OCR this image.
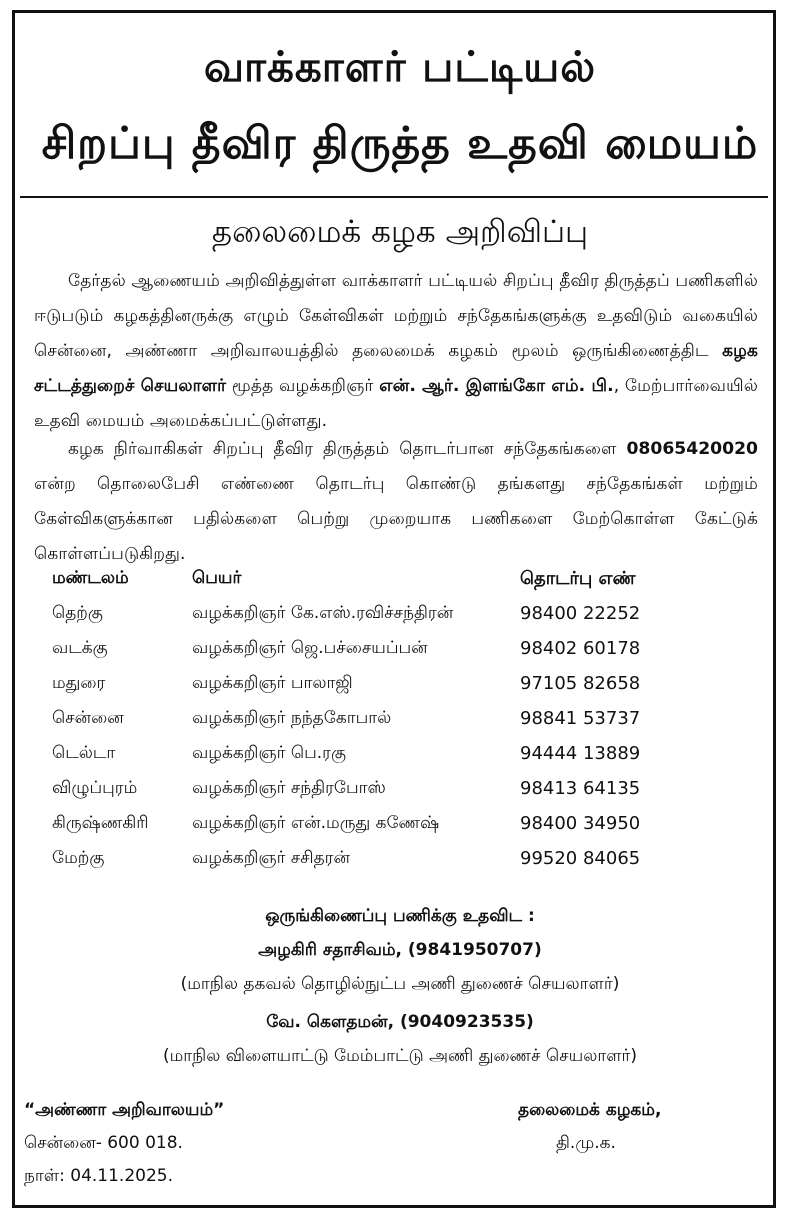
வாக்காளர் பட்டியல்
சிறப்பு தீவிர திருத்த உதவி மையம்
தலைமைக் கழக அறிவிப்பு
தேர்தல் ஆணையம் அறிவித்துள்ள வாக்காளர் பட்டியல் சிறப்பு தீவிர திருத்தப் பணிகளில் ஈடுபடும் கழகத்தினருக்கு எழும் கேள்விகள் மற்றும் சந்தேகங்களுக்கு உதவிடும் வகையில் சென்னை, அண்ணா அறிவாலயத்தில் தலைமைக் கழகம் மூலம் ஒருங்கிணைத்திட கழக சட்டத்துறைச் செயலாளர் மூத்த வழக்கறிஞர் என். ஆர். இளங்கோ எம். பி., மேற்பார்வையில் உதவி மையம் அமைக்கப்பட்டுள்ளது.
கழக நிர்வாகிகள் சிறப்பு தீவிர திருத்தம் தொடர்பான சந்தேகங்களை 08065420020 என்ற தொலைபேசி எண்ணை தொடர்பு கொண்டு தங்களது சந்தேகங்கள் மற்றும் கேள்விகளுக்கான பதில்களை பெற்று முறையாக பணிகளை மேற்கொள்ள கேட்டுக் கொள்ளப்படுகிறது.
மண்டலம்	பெயர்	தொடர்பு எண்
தெற்கு	வழக்கறிஞர் கே.எஸ்.ரவிச்சந்திரன்	98400 22252
வடக்கு	வழக்கறிஞர் ஜெ.பச்சையப்பன்	98402 60178
மதுரை	வழக்கறிஞர் பாலாஜி	97105 82658
சென்னை	வழக்கறிஞர் நந்தகோபால்	98841 53737
டெல்டா	வழக்கறிஞர் பெ.ரகு	94444 13889
விழுப்புரம்	வழக்கறிஞர் சந்திரபோஸ்	98413 64135
கிருஷ்ணகிரி	வழக்கறிஞர் என்.மருது கணேஷ்	98400 34950
மேற்கு	வழக்கறிஞர் சசிதரன்	99520 84065
ஒருங்கிணைப்பு பணிக்கு உதவிட :
அழகிரி சதாசிவம், (9841950707)
(மாநில தகவல் தொழில்நுட்ப அணி துணைச் செயலாளர்)
வே. கௌதமன், (9040923535)
(மாநில விளையாட்டு மேம்பாட்டு அணி துணைச் செயலாளர்)
“அண்ணா அறிவாலயம்”
சென்னை- 600 018.
நாள்: 04.11.2025.
தலைமைக் கழகம்,
தி.மு.க.
